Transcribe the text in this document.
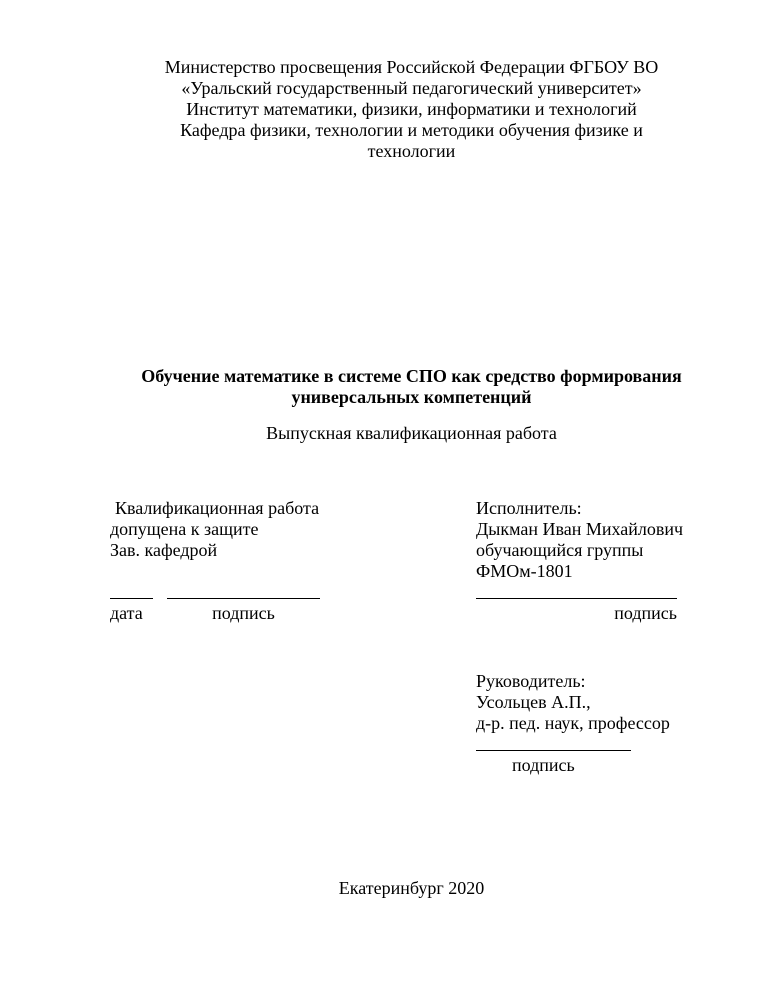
Министерство просвещения Российской Федерации ФГБОУ ВО
«Уральский государственный педагогический университет»
Институт математики, физики, информатики и технологий
Кафедра физики, технологии и методики обучения физике и
технологии
Обучение математике в системе СПО как средство формирования
универсальных компетенций
Выпускная квалификационная работа
Квалификационная работа
допущена к защите
Зав. кафедрой
дата	подпись
Исполнитель:
Дыкман Иван Михайлович
обучающийся группы
ФМОм-1801
подпись
Руководитель:
Усольцев А.П.,
д-р. пед. наук, профессор
подпись
Екатеринбург 2020
